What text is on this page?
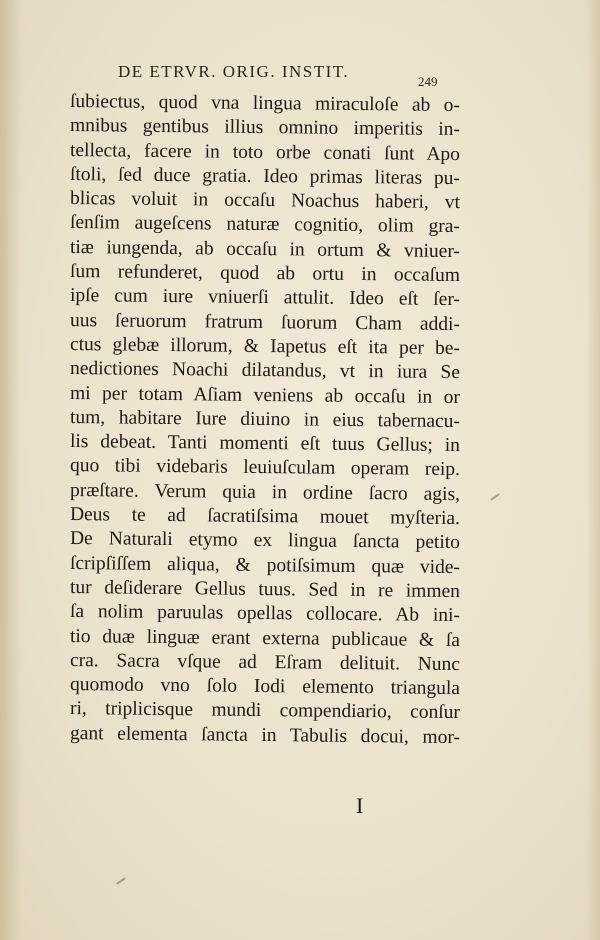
DE ETRVR. ORIG. INSTIT.
249
ſubiectus, quod vna lingua miraculoſe ab o-
mnibus gentibus illius omnino imperitis in-
tellecta, facere in toto orbe conati ſunt Apo
ſtoli, ſed duce gratia. Ideo primas literas pu-
blicas voluit in occaſu Noachus haberi, vt
ſenſim augeſcens naturæ cognitio, olim gra-
tiæ iungenda, ab occaſu in ortum & vniuer-
ſum refunderet, quod ab ortu in occaſum
ipſe cum iure vniuerſi attulit. Ideo eſt ſer-
uus ſeruorum fratrum ſuorum Cham addi-
ctus glebæ illorum, & Iapetus eſt ita per be-
nedictiones Noachi dilatandus, vt in iura Se
mi per totam Aſiam veniens ab occaſu in or
tum, habitare Iure diuino in eius tabernacu-
lis debeat. Tanti momenti eſt tuus Gellus; in
quo tibi videbaris leuiuſculam operam reip.
præſtare. Verum quia in ordine ſacro agis,
Deus te ad ſacratiſsima mouet myſteria.
De Naturali etymo ex lingua ſancta petito
ſcripſiſſem aliqua, & potiſsimum quæ vide-
tur deſiderare Gellus tuus. Sed in re immen
ſa nolim paruulas opellas collocare. Ab ini-
tio duæ linguæ erant externa publicaue & ſa
cra. Sacra vſque ad Eſram delituit. Nunc
quomodo vno ſolo Iodi elemento triangula
ri, triplicisque mundi compendiario, conſur
gant elementa ſancta in Tabulis docui, mor-
I
